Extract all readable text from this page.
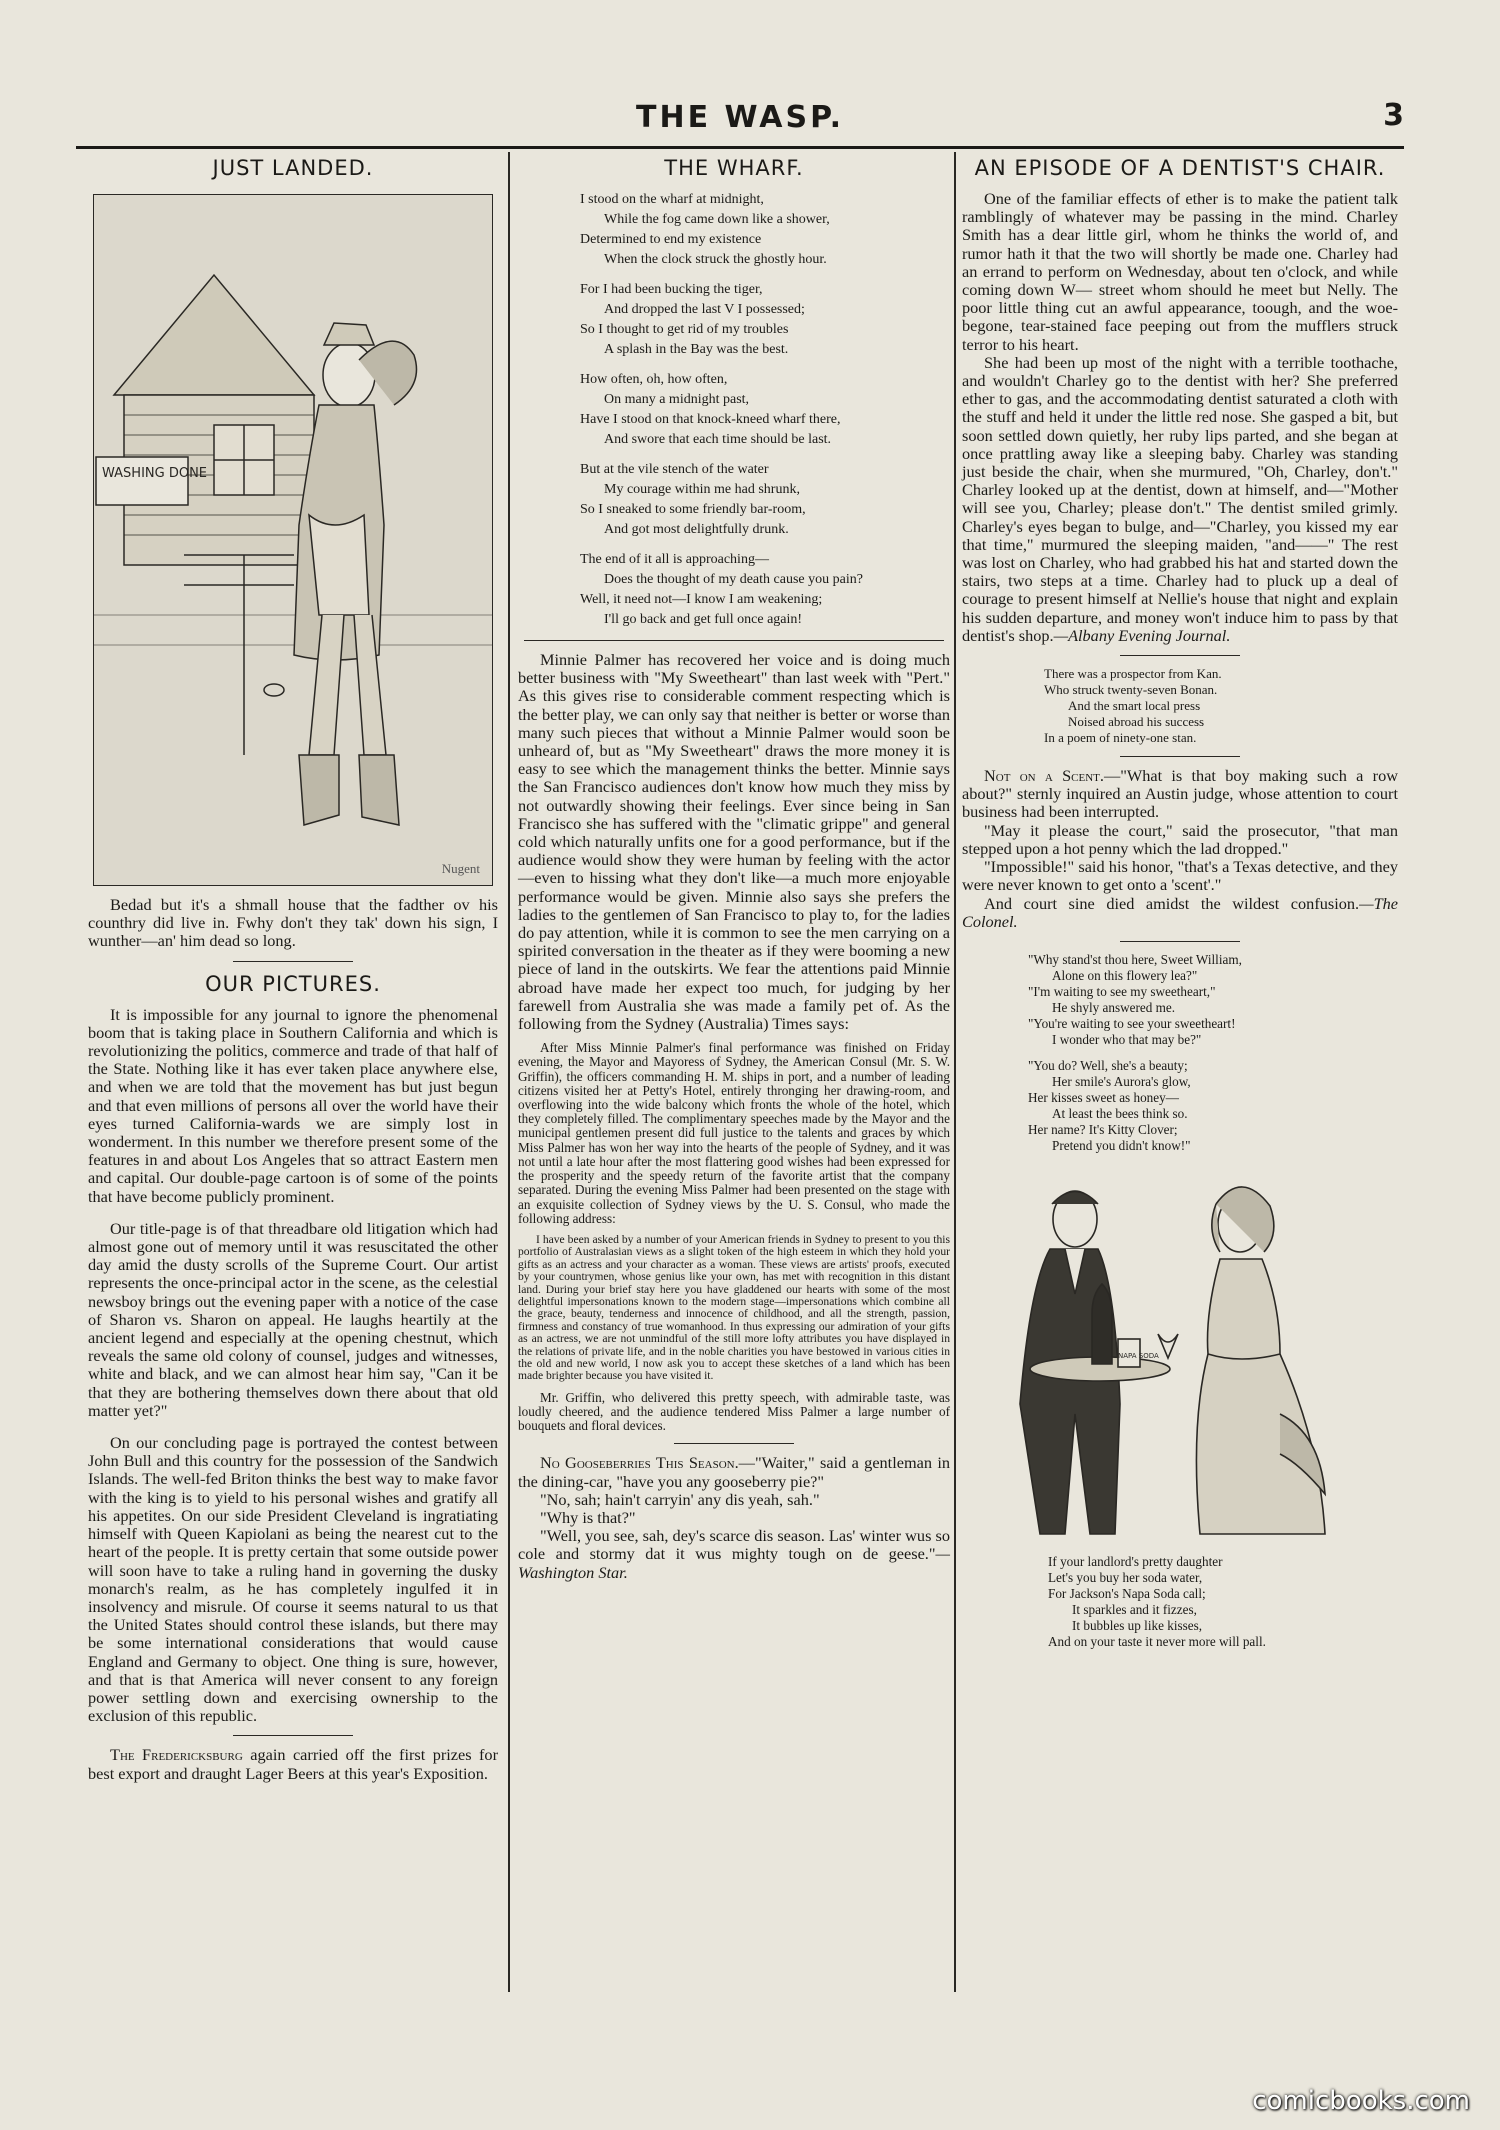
THE WASP.	3
JUST LANDED.
WASHING DONE
Nugent

Bedad but it's a shmall house that the fadther ov his counthry did live in. Fwhy don't they tak' down his sign, I wunther—an' him dead so long.

OUR PICTURES.

It is impossible for any journal to ignore the phenomenal boom that is taking place in Southern California and which is revolutionizing the politics, commerce and trade of that half of the State. Nothing like it has ever taken place anywhere else, and when we are told that the movement has but just begun and that even millions of persons all over the world have their eyes turned California-wards we are simply lost in wonderment. In this number we therefore present some of the features in and about Los Angeles that so attract Eastern men and capital. Our double-page cartoon is of some of the points that have become publicly prominent.

Our title-page is of that threadbare old litigation which had almost gone out of memory until it was resuscitated the other day amid the dusty scrolls of the Supreme Court. Our artist represents the once-principal actor in the scene, as the celestial newsboy brings out the evening paper with a notice of the case of Sharon vs. Sharon on appeal. He laughs heartily at the ancient legend and especially at the opening chestnut, which reveals the same old colony of counsel, judges and witnesses, white and black, and we can almost hear him say, "Can it be that they are bothering themselves down there about that old matter yet?"

On our concluding page is portrayed the contest between John Bull and this country for the possession of the Sandwich Islands. The well-fed Briton thinks the best way to make favor with the king is to yield to his personal wishes and gratify all his appetites. On our side President Cleveland is ingratiating himself with Queen Kapiolani as being the nearest cut to the heart of the people. It is pretty certain that some outside power will soon have to take a ruling hand in governing the dusky monarch's realm, as he has completely ingulfed it in insolvency and misrule. Of course it seems natural to us that the United States should control these islands, but there may be some international considerations that would cause England and Germany to object. One thing is sure, however, and that is that America will never consent to any foreign power settling down and exercising ownership to the exclusion of this republic.

The Fredericksburg again carried off the first prizes for best export and draught Lager Beers at this year's Exposition.

THE WHARF.
I stood on the wharf at midnight,
While the fog came down like a shower,
Determined to end my existence
When the clock struck the ghostly hour.
For I had been bucking the tiger,
And dropped the last V I possessed;
So I thought to get rid of my troubles
A splash in the Bay was the best.
How often, oh, how often,
On many a midnight past,
Have I stood on that knock-kneed wharf there,
And swore that each time should be last.
But at the vile stench of the water
My courage within me had shrunk,
So I sneaked to some friendly bar-room,
And got most delightfully drunk.
The end of it all is approaching—
Does the thought of my death cause you pain?
Well, it need not—I know I am weakening;
I'll go back and get full once again!

Minnie Palmer has recovered her voice and is doing much better business with "My Sweetheart" than last week with "Pert." As this gives rise to considerable comment respecting which is the better play, we can only say that neither is better or worse than many such pieces that without a Minnie Palmer would soon be unheard of, but as "My Sweetheart" draws the more money it is easy to see which the management thinks the better. Minnie says the San Francisco audiences don't know how much they miss by not outwardly showing their feelings. Ever since being in San Francisco she has suffered with the "climatic grippe" and general cold which naturally unfits one for a good performance, but if the audience would show they were human by feeling with the actor—even to hissing what they don't like—a much more enjoyable performance would be given. Minnie also says she prefers the ladies to the gentlemen of San Francisco to play to, for the ladies do pay attention, while it is common to see the men carrying on a spirited conversation in the theater as if they were booming a new piece of land in the outskirts. We fear the attentions paid Minnie abroad have made her expect too much, for judging by her farewell from Australia she was made a family pet of. As the following from the Sydney (Australia) Times says:

After Miss Minnie Palmer's final performance was finished on Friday evening, the Mayor and Mayoress of Sydney, the American Consul (Mr. S. W. Griffin), the officers commanding H. M. ships in port, and a number of leading citizens visited her at Petty's Hotel, entirely thronging her drawing-room, and overflowing into the wide balcony which fronts the whole of the hotel, which they completely filled. The complimentary speeches made by the Mayor and the municipal gentlemen present did full justice to the talents and graces by which Miss Palmer has won her way into the hearts of the people of Sydney, and it was not until a late hour after the most flattering good wishes had been expressed for the prosperity and the speedy return of the favorite artist that the company separated. During the evening Miss Palmer had been presented on the stage with an exquisite collection of Sydney views by the U. S. Consul, who made the following address:

I have been asked by a number of your American friends in Sydney to present to you this portfolio of Australasian views as a slight token of the high esteem in which they hold your gifts as an actress and your character as a woman. These views are artists' proofs, executed by your countrymen, whose genius like your own, has met with recognition in this distant land. During your brief stay here you have gladdened our hearts with some of the most delightful impersonations known to the modern stage—impersonations which combine all the grace, beauty, tenderness and innocence of childhood, and all the strength, passion, firmness and constancy of true womanhood. In thus expressing our admiration of your gifts as an actress, we are not unmindful of the still more lofty attributes you have displayed in the relations of private life, and in the noble charities you have bestowed in various cities in the old and new world, I now ask you to accept these sketches of a land which has been made brighter because you have visited it.

Mr. Griffin, who delivered this pretty speech, with admirable taste, was loudly cheered, and the audience tendered Miss Palmer a large number of bouquets and floral devices.

No Gooseberries This Season.—"Waiter," said a gentleman in the dining-car, "have you any gooseberry pie?"

"No, sah; hain't carryin' any dis yeah, sah."

"Why is that?"

"Well, you see, sah, dey's scarce dis season. Las' winter wus so cole and stormy dat it wus mighty tough on de geese."—Washington Star.

AN EPISODE OF A DENTIST'S CHAIR.

One of the familiar effects of ether is to make the patient talk ramblingly of whatever may be passing in the mind. Charley Smith has a dear little girl, whom he thinks the world of, and rumor hath it that the two will shortly be made one. Charley had an errand to perform on Wednesday, about ten o'clock, and while coming down W— street whom should he meet but Nelly. The poor little thing cut an awful appearance, toough, and the woe-begone, tear-stained face peeping out from the mufflers struck terror to his heart.

She had been up most of the night with a terrible toothache, and wouldn't Charley go to the dentist with her? She preferred ether to gas, and the accommodating dentist saturated a cloth with the stuff and held it under the little red nose. She gasped a bit, but soon settled down quietly, her ruby lips parted, and she began at once prattling away like a sleeping baby. Charley was standing just beside the chair, when she murmured, "Oh, Charley, don't." Charley looked up at the dentist, down at himself, and—"Mother will see you, Charley; please don't." The dentist smiled grimly. Charley's eyes began to bulge, and—"Charley, you kissed my ear that time," murmured the sleeping maiden, "and——" The rest was lost on Charley, who had grabbed his hat and started down the stairs, two steps at a time. Charley had to pluck up a deal of courage to present himself at Nellie's house that night and explain his sudden departure, and money won't induce him to pass by that dentist's shop.—Albany Evening Journal.

There was a prospector from Kan.
Who struck twenty-seven Bonan.
And the smart local press
Noised abroad his success
In a poem of ninety-one stan.

Not on a Scent.—"What is that boy making such a row about?" sternly inquired an Austin judge, whose attention to court business had been interrupted.

"May it please the court," said the prosecutor, "that man stepped upon a hot penny which the lad dropped."

"Impossible!" said his honor, "that's a Texas detective, and they were never known to get onto a 'scent'."

And court sine died amidst the wildest confusion.—The Colonel.

"Why stand'st thou here, Sweet William,
Alone on this flowery lea?"
"I'm waiting to see my sweetheart,"
He shyly answered me.
"You're waiting to see your sweetheart!
I wonder who that may be?"
"You do? Well, she's a beauty;
Her smile's Aurora's glow,
Her kisses sweet as honey—
At least the bees think so.
Her name? It's Kitty Clover;
Pretend you didn't know!"
NAPA SODA
If your landlord's pretty daughter
Let's you buy her soda water,
For Jackson's Napa Soda call;
It sparkles and it fizzes,
It bubbles up like kisses,
And on your taste it never more will pall.
comicbooks.com
